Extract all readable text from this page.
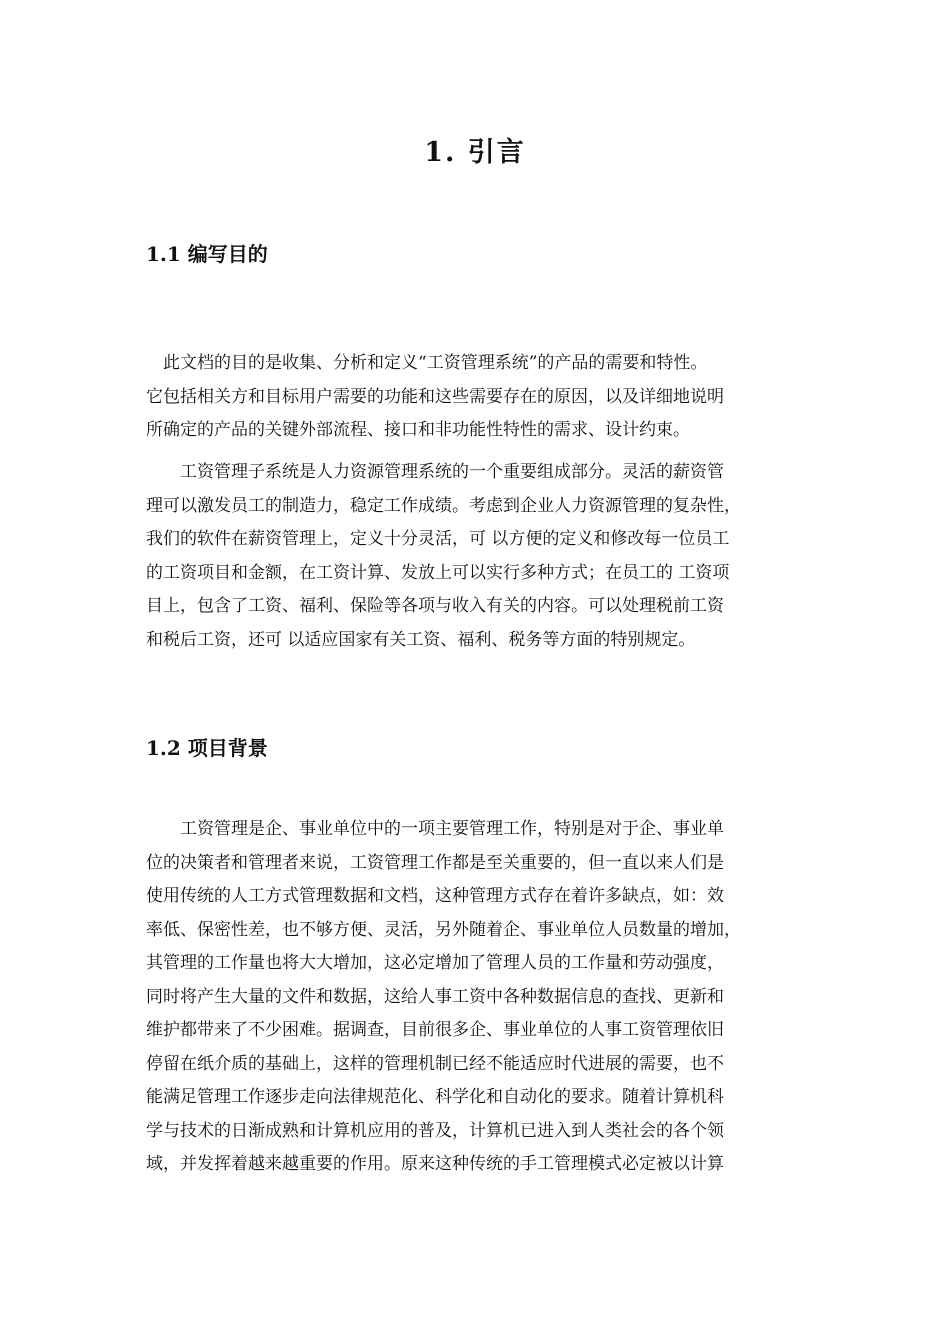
1. 引言
1.1 编写目的

　此文档的目的是收集、分析和定义“工资管理系统”的产品的需要和特性。
它包括相关方和目标用户需要的功能和这些需要存在的原因，以及详细地说明
所确定的产品的关键外部流程、接口和非功能性特性的需求、设计约束。

　　工资管理子系统是人力资源管理系统的一个重要组成部分。灵活的薪资管
理可以激发员工的制造力，稳定工作成绩。考虑到企业人力资源管理的复杂性，
我们的软件在薪资管理上，定义十分灵活，可 以方便的定义和修改每一位员工
的工资项目和金额，在工资计算、发放上可以实行多种方式；在员工的 工资项
目上，包含了工资、福利、保险等各项与收入有关的内容。可以处理税前工资
和税后工资，还可 以适应国家有关工资、福利、税务等方面的特别规定。

1.2 项目背景

　　工资管理是企、事业单位中的一项主要管理工作，特别是对于企、事业单
位的决策者和管理者来说，工资管理工作都是至关重要的，但一直以来人们是
使用传统的人工方式管理数据和文档，这种管理方式存在着许多缺点，如：效
率低、保密性差，也不够方便、灵活，另外随着企、事业单位人员数量的增加，
其管理的工作量也将大大增加，这必定增加了管理人员的工作量和劳动强度，
同时将产生大量的文件和数据，这给人事工资中各种数据信息的查找、更新和
维护都带来了不少困难。据调查，目前很多企、事业单位的人事工资管理依旧
停留在纸介质的基础上，这样的管理机制已经不能适应时代进展的需要，也不
能满足管理工作逐步走向法律规范化、科学化和自动化的要求。随着计算机科
学与技术的日渐成熟和计算机应用的普及，计算机已进入到人类社会的各个领
域，并发挥着越来越重要的作用。原来这种传统的手工管理模式必定被以计算
